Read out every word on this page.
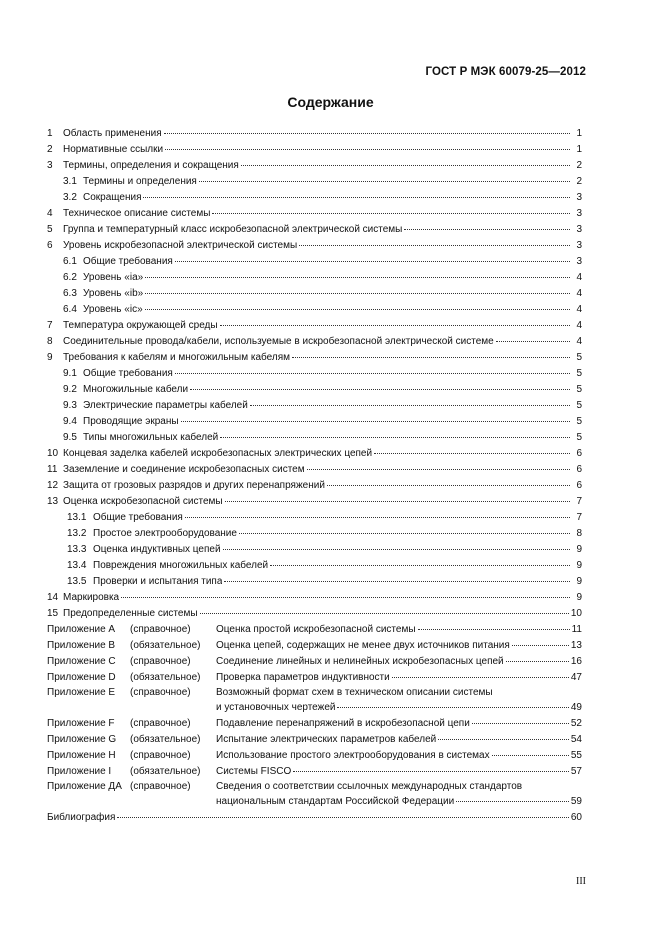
ГОСТ Р МЭК 60079-25—2012
Содержание
1	Область применения	1
2	Нормативные ссылки	1
3	Термины, определения и сокращения	2
3.1 Термины и определения	2
3.2 Сокращения	3
4	Техническое описание системы	3
5	Группа и температурный класс искробезопасной электрической системы	3
6	Уровень искробезопасной электрической системы	3
6.1 Общие требования	3
6.2 Уровень «ia»	4
6.3 Уровень «ib»	4
6.4 Уровень «ic»	4
7	Температура окружающей среды	4
8	Соединительные провода/кабели, используемые в искробезопасной электрической системе	4
9	Требования к кабелям и многожильным кабелям	5
9.1 Общие требования	5
9.2 Многожильные кабели	5
9.3 Электрические параметры кабелей	5
9.4 Проводящие экраны	5
9.5 Типы многожильных кабелей	5
10 Концевая заделка кабелей искробезопасных электрических цепей	6
11 Заземление и соединение искробезопасных систем	6
12 Защита от грозовых разрядов и других перенапряжений	6
13 Оценка искробезопасной системы	7
13.1 Общие требования	7
13.2 Простое электрооборудование	8
13.3 Оценка индуктивных цепей	9
13.4 Повреждения многожильных кабелей	9
13.5 Проверки и испытания типа	9
14 Маркировка	9
15 Предопределенные системы	10
Приложение А	(справочное)	Оценка простой искробезопасной системы	11
Приложение В	(обязательное)	Оценка цепей, содержащих не менее двух источников питания	13
Приложение С	(справочное)	Соединение линейных и нелинейных искробезопасных цепей	16
Приложение D	(обязательное)	Проверка параметров индуктивности	47
Приложение Е (справочное)	Возможный формат схем в техническом описании системы
и установочных чертежей	49
Приложение F	(справочное)	Подавление перенапряжений в искробезопасной цепи	52
Приложение G	(обязательное)	Испытание электрических параметров кабелей	54
Приложение Н	(справочное)	Использование простого электрооборудования в системах	55
Приложение I	(обязательное)	Системы FISCO	57
Приложение ДА (справочное)	Сведения о соответствии ссылочных международных стандартов
национальным стандартам Российской Федерации	59
Библиография	60
III
